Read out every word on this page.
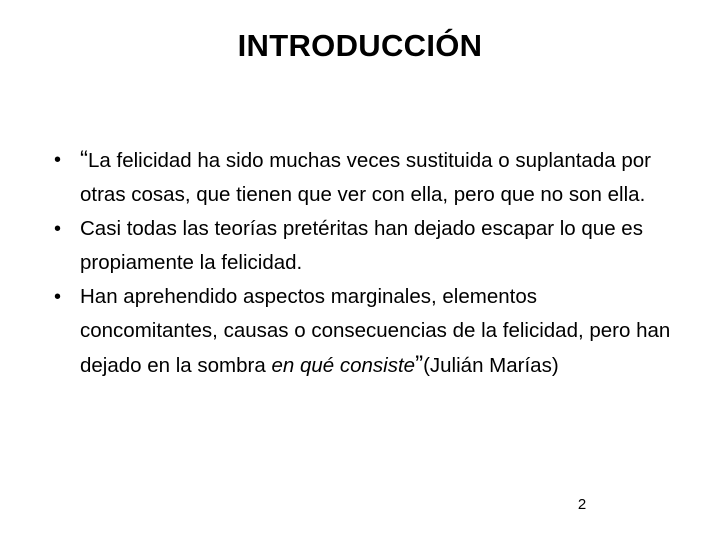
INTRODUCCIÓN
• “La felicidad ha sido muchas veces sustituida o suplantada por otras cosas, que tienen que ver con ella, pero que no son ella.
• Casi todas las teorías pretéritas han dejado escapar lo que es propiamente la felicidad.
• Han aprehendido aspectos marginales, elementos concomitantes, causas o consecuencias de la felicidad, pero han dejado en la sombra en qué consiste”(Julián Marías)
2
